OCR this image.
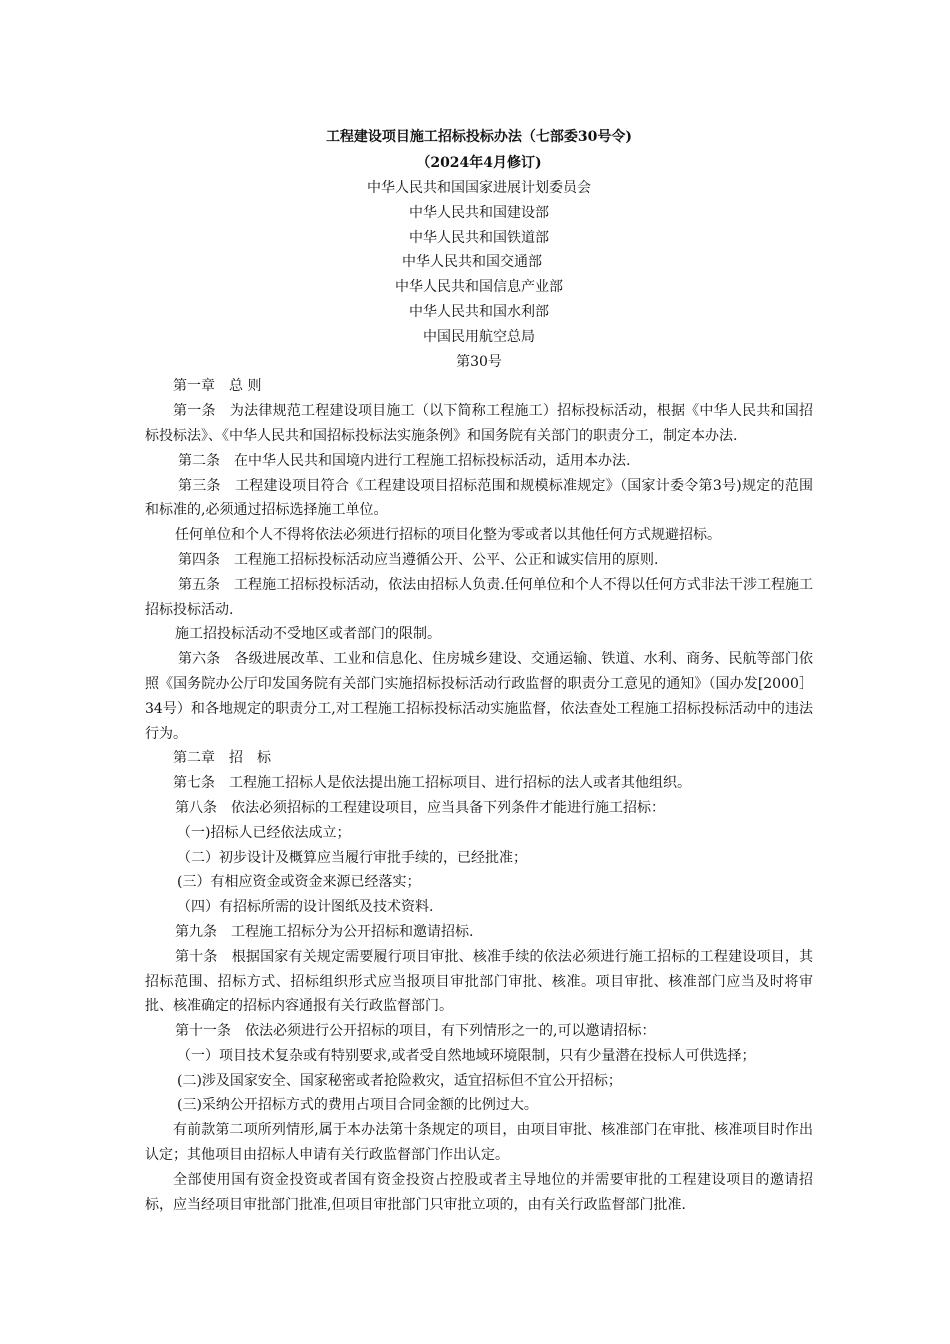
工程建设项目施工招标投标办法（七部委30号令)
（2024年4月修订)
中华人民共和国国家进展计划委员会
中华人民共和国建设部
中华人民共和国铁道部
中华人民共和国交通部
中华人民共和国信息产业部
中华人民共和国水利部
中国民用航空总局
第30号
第一章　总 则
第一条　为法律规范工程建设项目施工（以下简称工程施工）招标投标活动，根据《中华人民共和国招标投标法》、《中华人民共和国招标投标法实施条例》和国务院有关部门的职责分工，制定本办法.
第二条　在中华人民共和国境内进行工程施工招标投标活动，适用本办法.
第三条　工程建设项目符合《工程建设项目招标范围和规模标准规定》（国家计委令第3号)规定的范围和标准的,必须通过招标选择施工单位。
任何单位和个人不得将依法必须进行招标的项目化整为零或者以其他任何方式规避招标。
第四条　工程施工招标投标活动应当遵循公开、公平、公正和诚实信用的原则.
第五条　工程施工招标投标活动，依法由招标人负责.任何单位和个人不得以任何方式非法干涉工程施工招标投标活动.
施工招投标活动不受地区或者部门的限制。
第六条　各级进展改革、工业和信息化、住房城乡建设、交通运输、铁道、水利、商务、民航等部门依照《国务院办公厅印发国务院有关部门实施招标投标活动行政监督的职责分工意见的通知》（国办发[2000］34号）和各地规定的职责分工,对工程施工招标投标活动实施监督，依法查处工程施工招标投标活动中的违法行为。
第二章　招　标
第七条　工程施工招标人是依法提出施工招标项目、进行招标的法人或者其他组织。
第八条　依法必须招标的工程建设项目，应当具备下列条件才能进行施工招标：
（一)招标人已经依法成立；
（二）初步设计及概算应当履行审批手续的，已经批准；
(三）有相应资金或资金来源已经落实；
（四）有招标所需的设计图纸及技术资料.
第九条　工程施工招标分为公开招标和邀请招标.
第十条　根据国家有关规定需要履行项目审批、核准手续的依法必须进行施工招标的工程建设项目，其招标范围、招标方式、招标组织形式应当报项目审批部门审批、核准。项目审批、核准部门应当及时将审批、核准确定的招标内容通报有关行政监督部门。
第十一条　依法必须进行公开招标的项目，有下列情形之一的,可以邀请招标：
（一）项目技术复杂或有特别要求,或者受自然地域环境限制，只有少量潜在投标人可供选择；
(二)涉及国家安全、国家秘密或者抢险救灾，适宜招标但不宜公开招标；
(三)采纳公开招标方式的费用占项目合同金额的比例过大。
有前款第二项所列情形,属于本办法第十条规定的项目，由项目审批、核准部门在审批、核准项目时作出认定；其他项目由招标人申请有关行政监督部门作出认定。
全部使用国有资金投资或者国有资金投资占控股或者主导地位的并需要审批的工程建设项目的邀请招标，应当经项目审批部门批准,但项目审批部门只审批立项的，由有关行政监督部门批准.
